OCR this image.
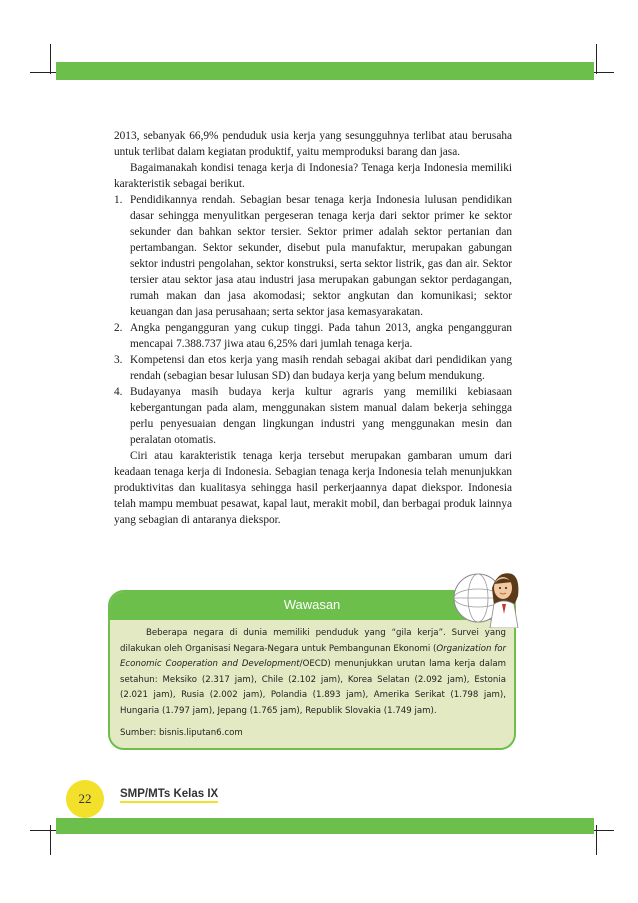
2013, sebanyak 66,9% penduduk usia kerja yang sesungguhnya terlibat atau berusaha untuk terlibat dalam kegiatan produktif, yaitu memproduksi barang dan jasa.

Bagaimanakah kondisi tenaga kerja di Indonesia? Tenaga kerja Indonesia memiliki karakteristik sebagai berikut.

1. Pendidikannya rendah. Sebagian besar tenaga kerja Indonesia lulusan pendidikan dasar sehingga menyulitkan pergeseran tenaga kerja dari sektor primer ke sektor sekunder dan bahkan sektor tersier. Sektor primer adalah sektor pertanian dan pertambangan. Sektor sekunder, disebut pula manufaktur, merupakan gabungan sektor industri pengolahan, sektor konstruksi, serta sektor listrik, gas dan air. Sektor tersier atau sektor jasa atau industri jasa merupakan gabungan sektor perdagangan, rumah makan dan jasa akomodasi; sektor angkutan dan komunikasi; sektor keuangan dan jasa perusahaan; serta sektor jasa kemasyarakatan.
2. Angka pengangguran yang cukup tinggi. Pada tahun 2013, angka pengangguran mencapai 7.388.737 jiwa atau 6,25% dari jumlah tenaga kerja.
3. Kompetensi dan etos kerja yang masih rendah sebagai akibat dari pendidikan yang rendah (sebagian besar lulusan SD) dan budaya kerja yang belum mendukung.
4. Budayanya masih budaya kerja kultur agraris yang memiliki kebiasaan kebergantungan pada alam, menggunakan sistem manual dalam bekerja sehingga perlu penyesuaian dengan lingkungan industri yang menggunakan mesin dan peralatan otomatis.

Ciri atau karakteristik tenaga kerja tersebut merupakan gambaran umum dari keadaan tenaga kerja di Indonesia. Sebagian tenaga kerja Indonesia telah menunjukkan produktivitas dan kualitasya sehingga hasil perkerjaannya dapat diekspor. Indonesia telah mampu membuat pesawat, kapal laut, merakit mobil, dan berbagai produk lainnya yang sebagian di antaranya diekspor.

Wawasan

Beberapa negara di dunia memiliki penduduk yang “gila kerja”. Survei yang dilakukan oleh Organisasi Negara-Negara untuk Pembangunan Ekonomi (Organization for Economic Cooperation and Development/OECD) menunjukkan urutan lama kerja dalam setahun: Meksiko (2.317 jam), Chile (2.102 jam), Korea Selatan (2.092 jam), Estonia (2.021 jam), Rusia (2.002 jam), Polandia (1.893 jam), Amerika Serikat (1.798 jam), Hungaria (1.797 jam), Jepang (1.765 jam), Republik Slovakia (1.749 jam).

Sumber: bisnis.liputan6.com

22	SMP/MTs Kelas IX
